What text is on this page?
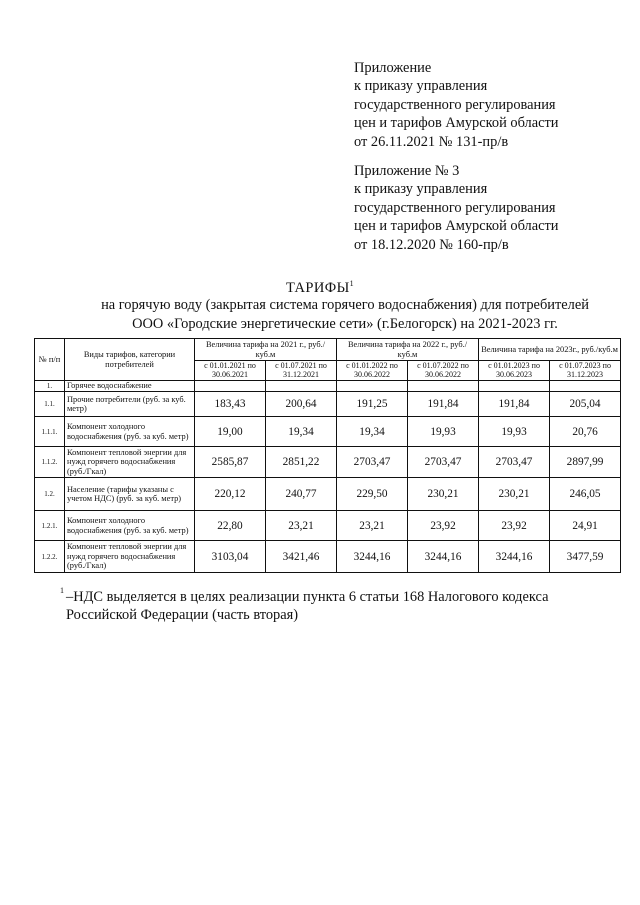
Приложение
к приказу управления
государственного регулирования
цен и тарифов Амурской области
от 26.11.2021 № 131-пр/в
Приложение № 3
к приказу управления
государственного регулирования
цен и тарифов Амурской области
от 18.12.2020 № 160-пр/в
ТАРИФЫ$^1$
на горячую воду (закрытая система горячего водоснабжения) для потребителей
ООО «Городские энергетические сети» (г.Белогорск) на 2021-2023 гг.
№ п/п	Виды тарифов, категории потребителей	Величина тарифа на 2021 г., руб./куб.м		Величина тарифа на 2022 г., руб./куб.м		Величина тарифа на 2023г., руб./куб.м	
		с 01.01.2021 по 30.06.2021	с 01.07.2021 по 31.12.2021	с 01.01.2022 по 30.06.2022	с 01.07.2022 по 30.06.2022	с 01.01.2023 по 30.06.2023	с 01.07.2023 по 31.12.2023
1.	Горячее водоснабжение						
1.1.	Прочие потребители (руб. за куб. метр)	183,43	200,64	191,25	191,84	191,84	205,04
1.1.1.	Компонент холодного водоснабжения (руб. за куб. метр)	19,00	19,34	19,34	19,93	19,93	20,76
1.1.2.	Компонент тепловой энергии для нужд горячего водоснабжения (руб./Гкал)	2585,87	2851,22	2703,47	2703,47	2703,47	2897,99
1.2.	Население (тарифы указаны с учетом НДС) (руб. за куб. метр)	220,12	240,77	229,50	230,21	230,21	246,05
1.2.1.	Компонент холодного водоснабжения (руб. за куб. метр)	22,80	23,21	23,21	23,92	23,92	24,91
1.2.2.	Компонент тепловой энергии для нужд горячего водоснабжения (руб./Гкал)	3103,04	3421,46	3244,16	3244,16	3244,16	3477,59
1 –НДС выделяется в целях реализации пункта 6 статьи 168 Налогового кодекса
Российской Федерации (часть вторая)
